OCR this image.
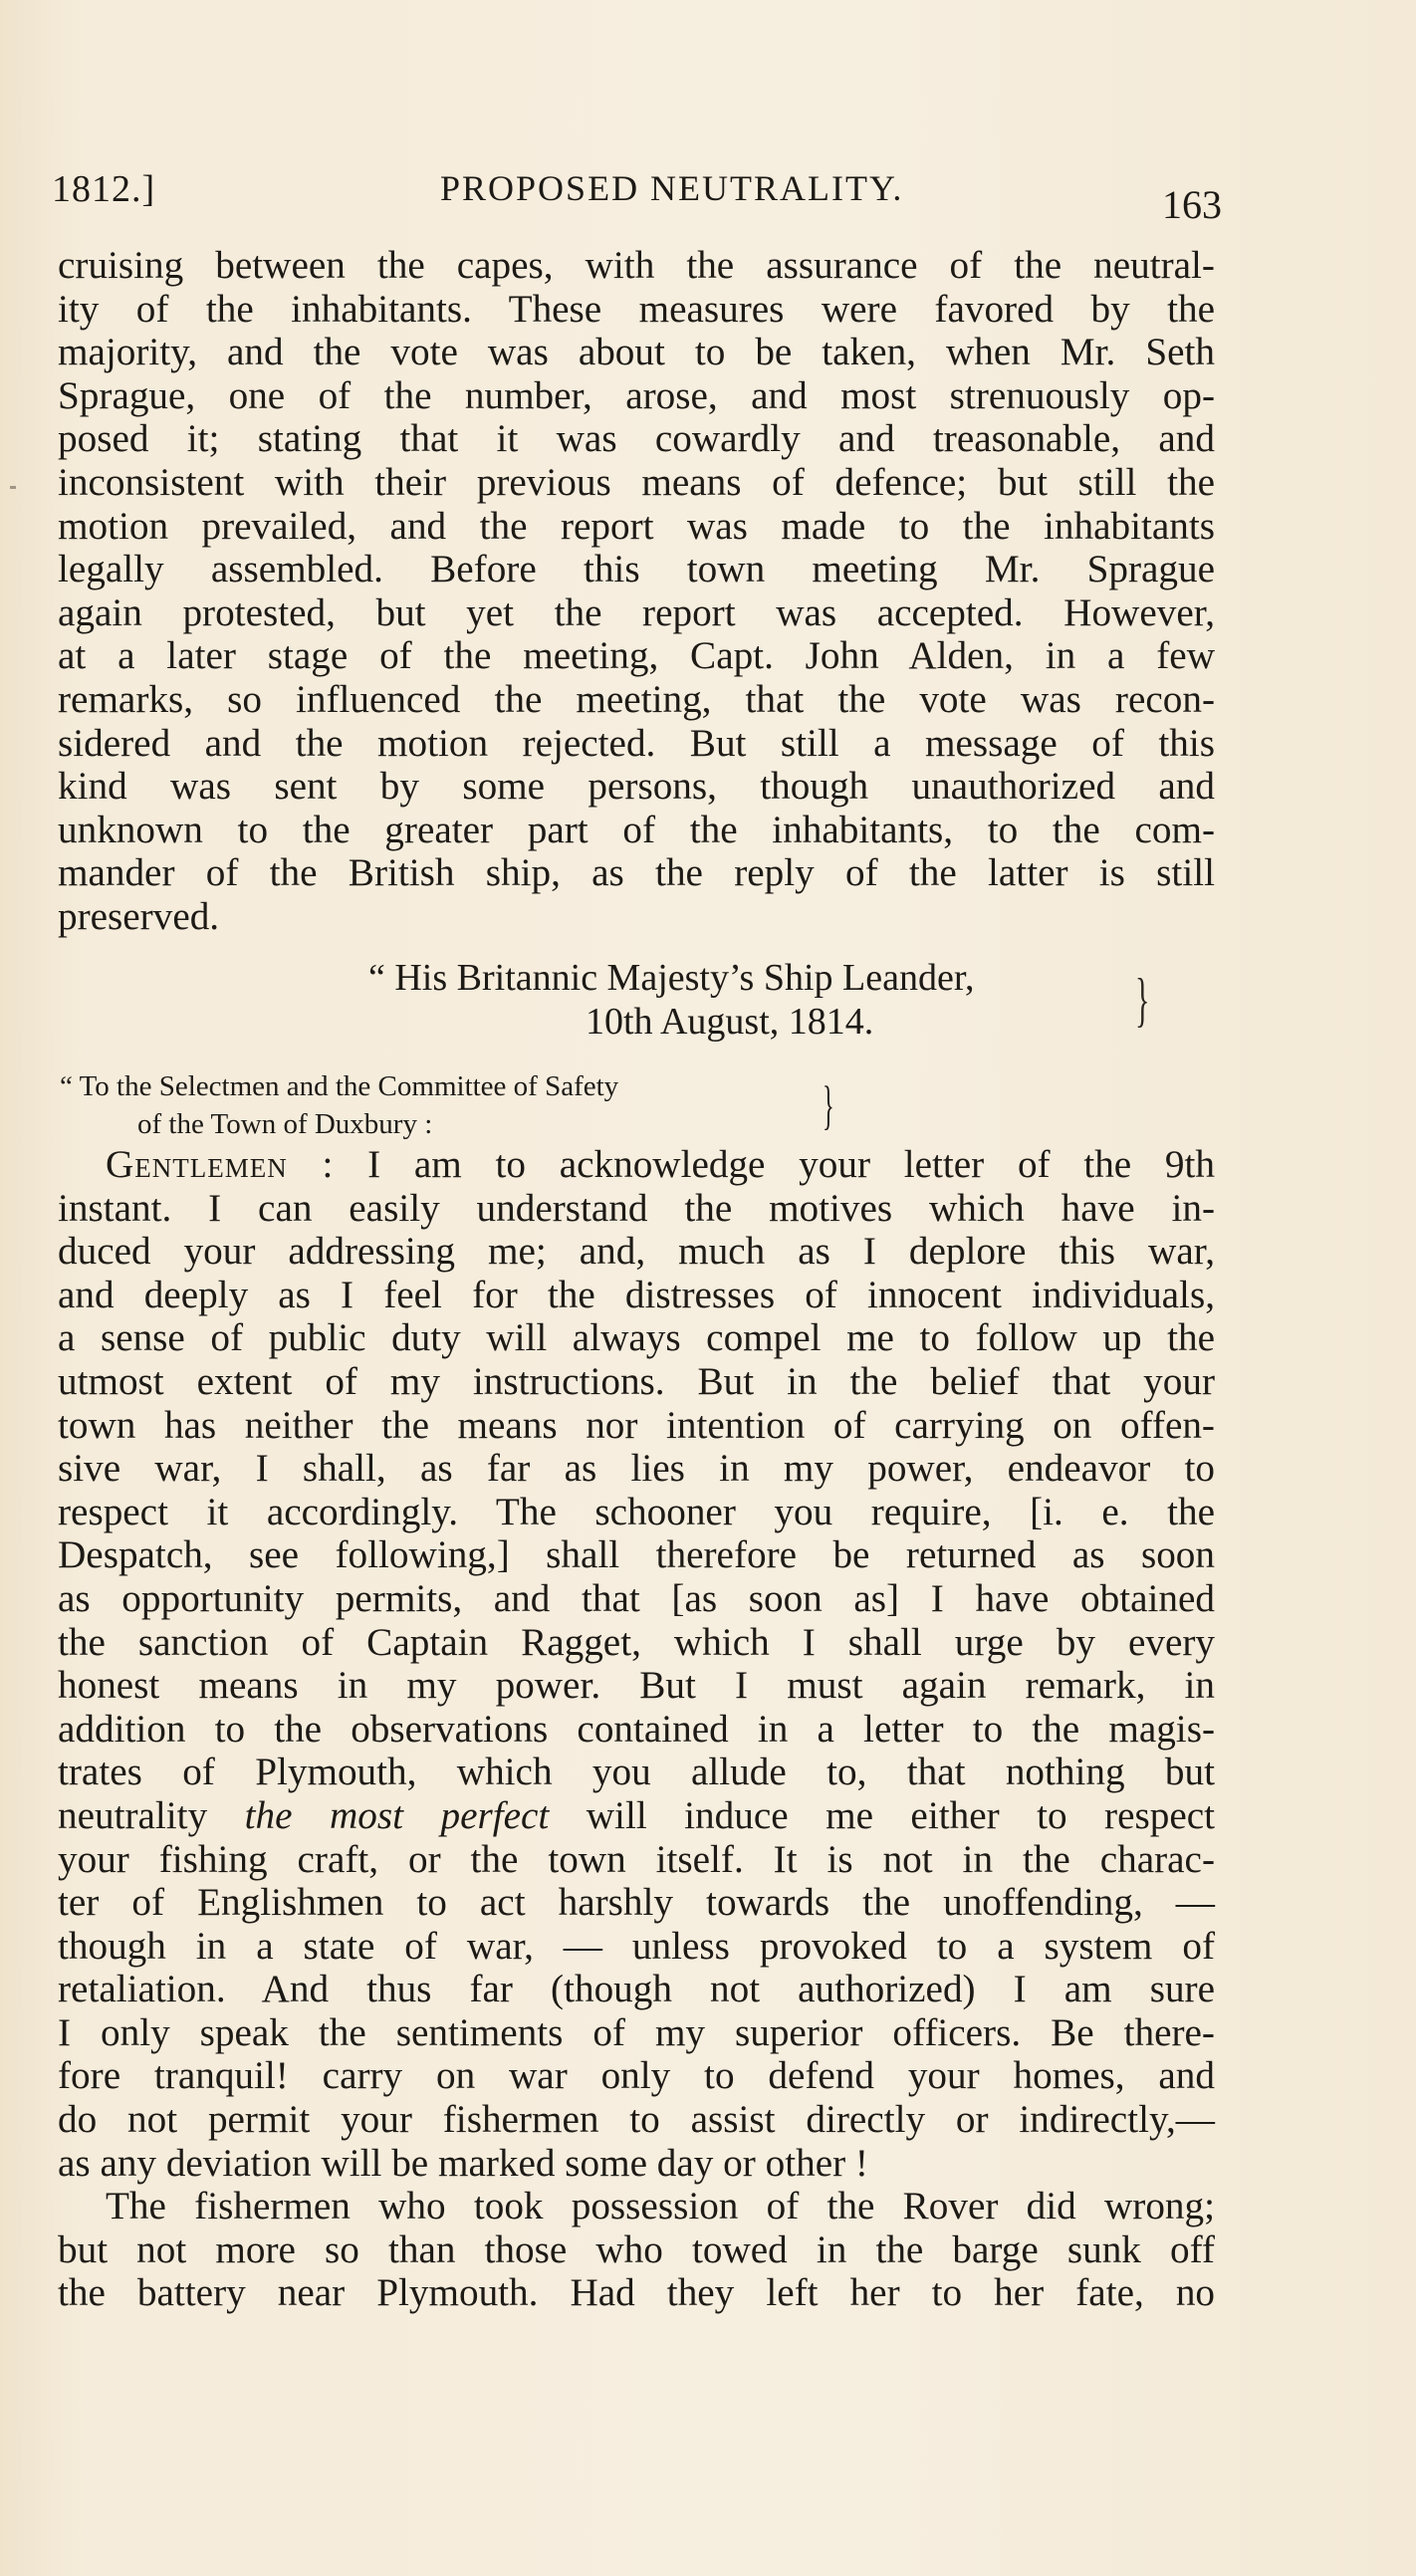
1812.]	PROPOSED NEUTRALITY.	163
cruising between the capes, with the assurance of the neutral-
ity of the inhabitants. These measures were favored by the
majority, and the vote was about to be taken, when Mr. Seth
Sprague, one of the number, arose, and most strenuously op-
posed it; stating that it was cowardly and treasonable, and
inconsistent with their previous means of defence; but still the
motion prevailed, and the report was made to the inhabitants
legally assembled. Before this town meeting Mr. Sprague
again protested, but yet the report was accepted. However,
at a later stage of the meeting, Capt. John Alden, in a few
remarks, so influenced the meeting, that the vote was recon-
sidered and the motion rejected. But still a message of this
kind was sent by some persons, though unauthorized and
unknown to the greater part of the inhabitants, to the com-
mander of the British ship, as the reply of the latter is still
preserved.
“ His Britannic Majesty’s Ship Leander,
10th August, 1814.	}
“ To the Selectmen and the Committee of Safety
of the Town of Duxbury :	}
Gentlemen : I am to acknowledge your letter of the 9th
instant. I can easily understand the motives which have in-
duced your addressing me; and, much as I deplore this war,
and deeply as I feel for the distresses of innocent individuals,
a sense of public duty will always compel me to follow up the
utmost extent of my instructions. But in the belief that your
town has neither the means nor intention of carrying on offen-
sive war, I shall, as far as lies in my power, endeavor to
respect it accordingly. The schooner you require, [i. e. the
Despatch, see following,] shall therefore be returned as soon
as opportunity permits, and that [as soon as] I have obtained
the sanction of Captain Ragget, which I shall urge by every
honest means in my power. But I must again remark, in
addition to the observations contained in a letter to the magis-
trates of Plymouth, which you allude to, that nothing but
neutrality the most perfect will induce me either to respect
your fishing craft, or the town itself. It is not in the charac-
ter of Englishmen to act harshly towards the unoffending, —
though in a state of war, — unless provoked to a system of
retaliation. And thus far (though not authorized) I am sure
I only speak the sentiments of my superior officers. Be there-
fore tranquil! carry on war only to defend your homes, and
do not permit your fishermen to assist directly or indirectly,—
as any deviation will be marked some day or other !
The fishermen who took possession of the Rover did wrong;
but not more so than those who towed in the barge sunk off
the battery near Plymouth. Had they left her to her fate, no
